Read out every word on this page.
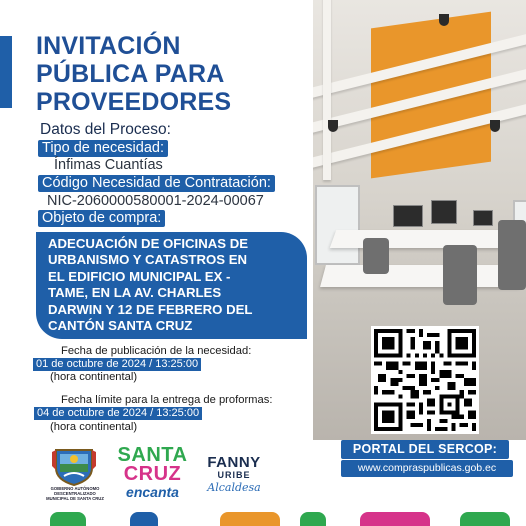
PORTAL DEL SERCOP:
www.compraspublicas.gob.ec
INVITACIÓN
PÚBLICA PARA
PROVEEDORES
Datos del Proceso:
Tipo de necesidad:
Ínfimas Cuantías
Código Necesidad de Contratación:
NIC-2060000580001-2024-00067
Objeto de compra:
ADECUACIÓN DE OFICINAS DE
URBANISMO Y CATASTROS EN
EL EDIFICIO MUNICIPAL EX -
TAME, EN LA AV. CHARLES
DARWIN Y 12 DE FEBRERO DEL
CANTÓN SANTA CRUZ
Fecha de publicación de la necesidad:
01 de octubre de 2024 / 13:25:00
(hora continental)
Fecha límite para la entrega de proformas:
04 de octubre de 2024 / 13:25:00
(hora continental)
GOBIERNO AUTÓNOMO DESCENTRALIZADO MUNICIPAL DE SANTA CRUZ
SANTA
CRUZ
encanta
FANNY
URIBE
Alcaldesa
